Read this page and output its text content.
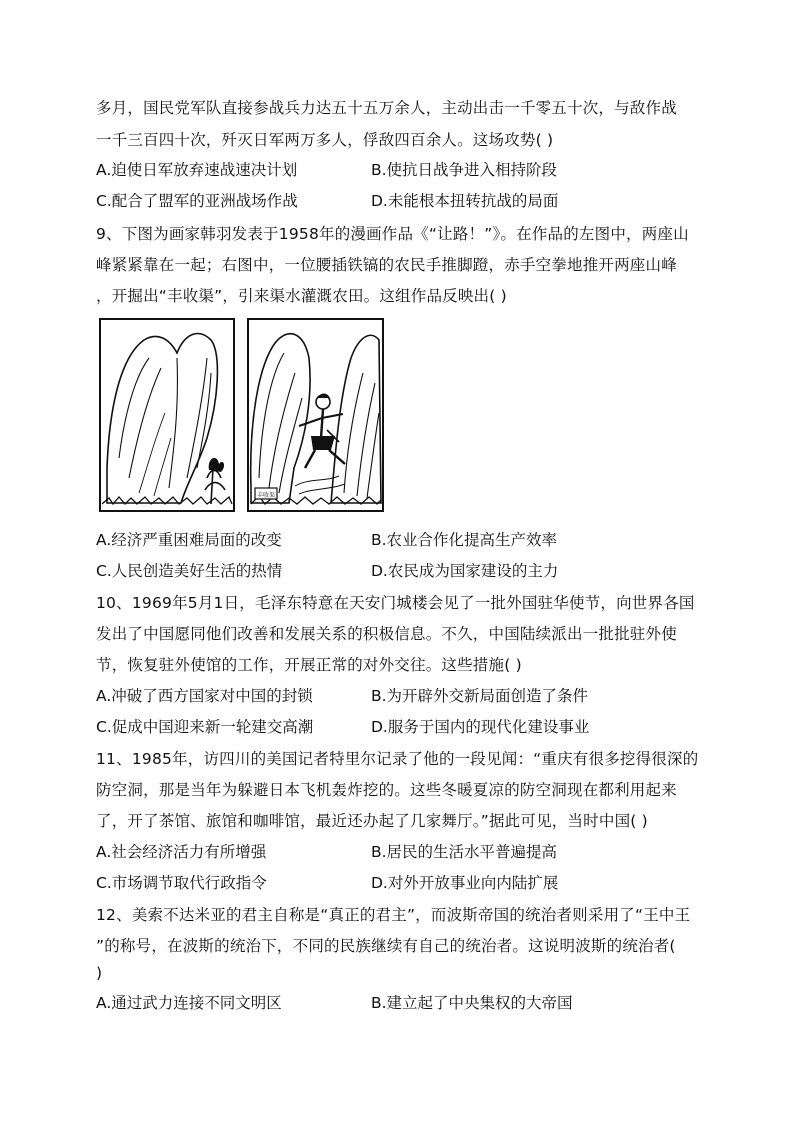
多月，国民党军队直接参战兵力达五十五万余人，主动出击一千零五十次，与敌作战
一千三百四十次，歼灭日军两万多人，俘敌四百余人。这场攻势( )
A.迫使日军放弃速战速决计划	B.使抗日战争进入相持阶段
C.配合了盟军的亚洲战场作战	D.未能根本扭转抗战的局面
9、下图为画家韩羽发表于1958年的漫画作品《“让路！”》。在作品的左图中，两座山
峰紧紧靠在一起；右图中，一位腰插铁镐的农民手推脚蹬，赤手空拳地推开两座山峰
，开掘出“丰收渠”，引来渠水灌溉农田。这组作品反映出( )
丰收渠
A.经济严重困难局面的改变	B.农业合作化提高生产效率
C.人民创造美好生活的热情	D.农民成为国家建设的主力
10、1969年5月1日，毛泽东特意在天安门城楼会见了一批外国驻华使节，向世界各国
发出了中国愿同他们改善和发展关系的积极信息。不久，中国陆续派出一批批驻外使
节，恢复驻外使馆的工作，开展正常的对外交往。这些措施( )
A.冲破了西方国家对中国的封锁	B.为开辟外交新局面创造了条件
C.促成中国迎来新一轮建交高潮	D.服务于国内的现代化建设事业
11、1985年，访四川的美国记者特里尔记录了他的一段见闻：“重庆有很多挖得很深的
防空洞，那是当年为躲避日本飞机轰炸挖的。这些冬暖夏凉的防空洞现在都利用起来
了，开了茶馆、旅馆和咖啡馆，最近还办起了几家舞厅。”据此可见，当时中国( )
A.社会经济活力有所增强	B.居民的生活水平普遍提高
C.市场调节取代行政指令	D.对外开放事业向内陆扩展
12、美索不达米亚的君主自称是“真正的君主”，而波斯帝国的统治者则采用了“王中王
”的称号，在波斯的统治下，不同的民族继续有自己的统治者。这说明波斯的统治者(
)
A.通过武力连接不同文明区	B.建立起了中央集权的大帝国
